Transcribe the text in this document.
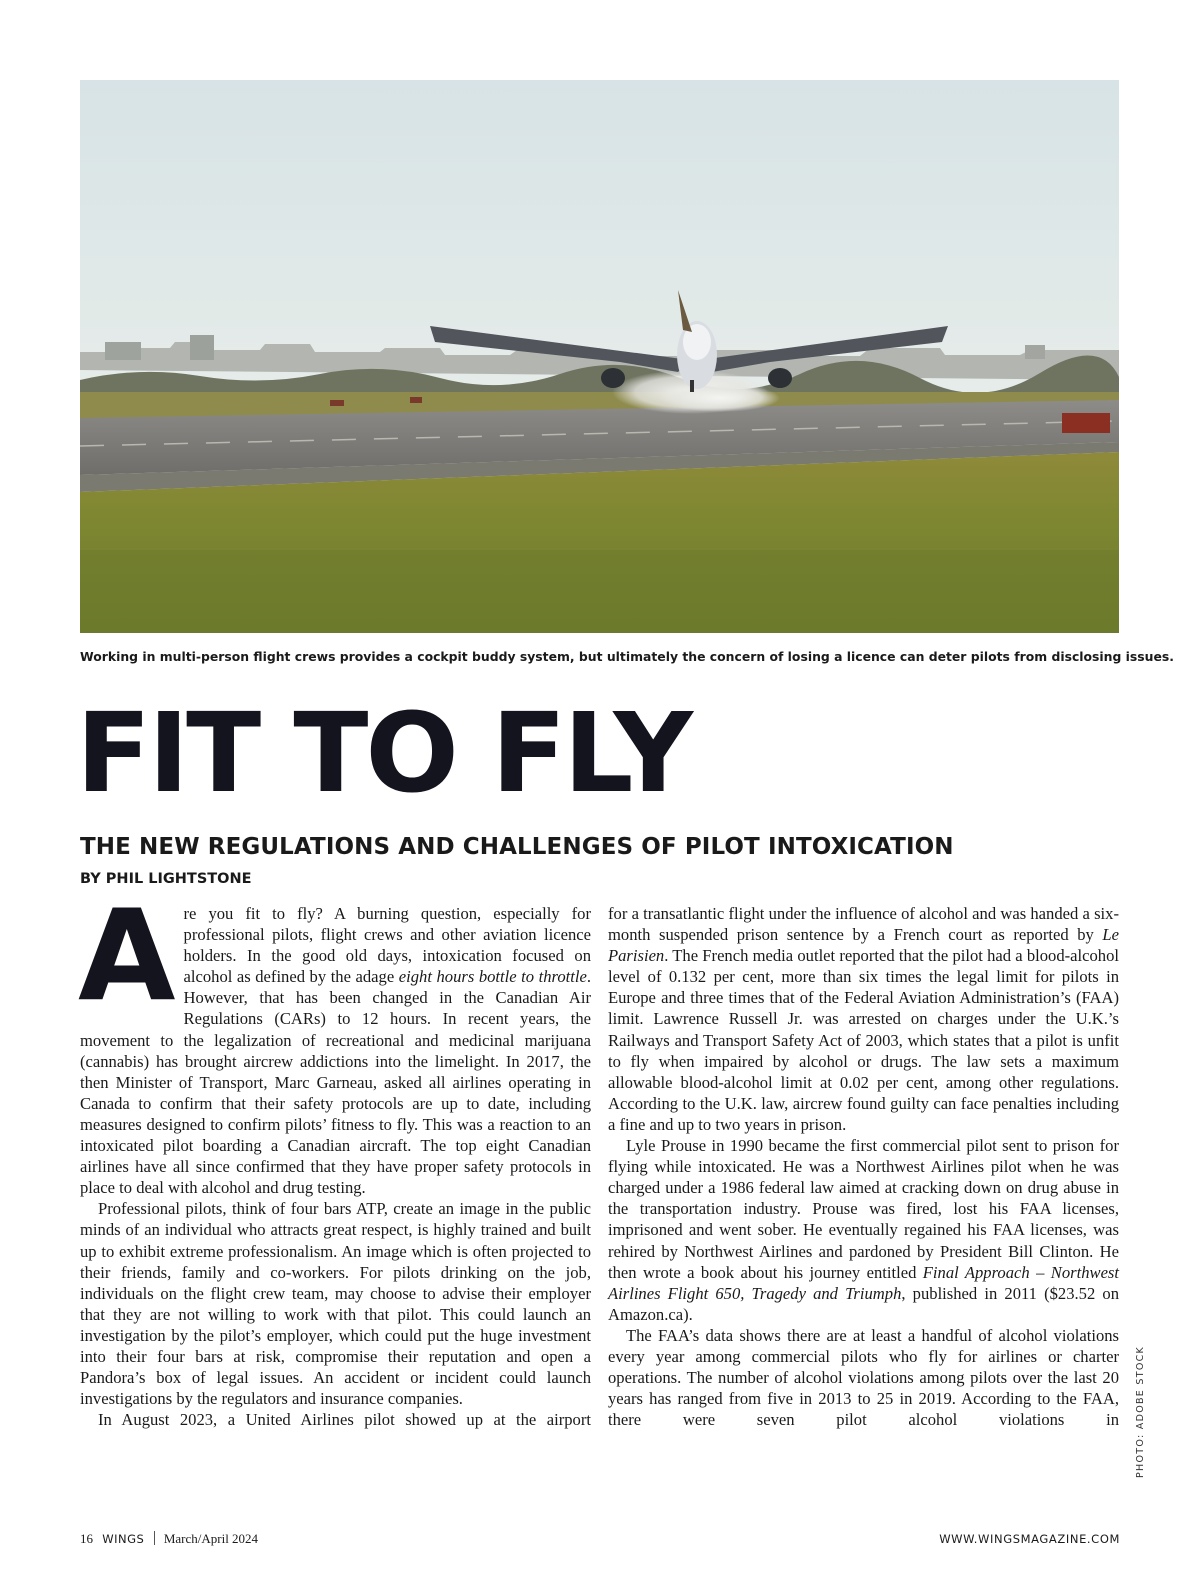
Working in multi-person flight crews provides a cockpit buddy system, but ultimately the concern of losing a licence can deter pilots from disclosing issues.
FIT TO FLY
THE NEW REGULATIONS AND CHALLENGES OF PILOT INTOXICATION
BY PHIL LIGHTSTONE

Are you fit to fly? A burning question, especially for professional pilots, flight crews and other aviation licence holders. In the good old days, intoxication focused on alcohol as defined by the adage eight hours bottle to throttle. However, that has been changed in the Canadian Air Regulations (CARs) to 12 hours. In recent years, the movement to the legalization of recreational and medicinal marijuana (cannabis) has brought aircrew addictions into the limelight. In 2017, the then Minister of Transport, Marc Garneau, asked all airlines operating in Canada to confirm that their safety protocols are up to date, including measures designed to confirm pilots’ fitness to fly. This was a reaction to an intoxicated pilot boarding a Canadian aircraft. The top eight Canadian airlines have all since confirmed that they have proper safety protocols in place to deal with alcohol and drug testing.

Professional pilots, think of four bars ATP, create an image in the public minds of an individual who attracts great respect, is highly trained and built up to exhibit extreme professionalism. An image which is often projected to their friends, family and co-workers. For pilots drinking on the job, individuals on the flight crew team, may choose to advise their employer that they are not willing to work with that pilot. This could launch an investigation by the pilot’s employer, which could put the huge investment into their four bars at risk, compromise their reputation and open a Pandora’s box of legal issues. An accident or incident could launch investigations by the regulators and insurance companies.

In August 2023, a United Airlines pilot showed up at the airport

for a transatlantic flight under the influence of alcohol and was handed a six-month suspended prison sentence by a French court as reported by Le Parisien. The French media outlet reported that the pilot had a blood-alcohol level of 0.132 per cent, more than six times the legal limit for pilots in Europe and three times that of the Federal Aviation Administration’s (FAA) limit. Lawrence Russell Jr. was arrested on charges under the U.K.’s Railways and Transport Safety Act of 2003, which states that a pilot is unfit to fly when impaired by alcohol or drugs. The law sets a maximum allowable blood-alcohol limit at 0.02 per cent, among other regulations. According to the U.K. law, aircrew found guilty can face penalties including a fine and up to two years in prison.

Lyle Prouse in 1990 became the first commercial pilot sent to prison for flying while intoxicated. He was a Northwest Airlines pilot when he was charged under a 1986 federal law aimed at cracking down on drug abuse in the transportation industry. Prouse was fired, lost his FAA licenses, imprisoned and went sober. He eventually regained his FAA licenses, was rehired by Northwest Airlines and pardoned by President Bill Clinton. He then wrote a book about his journey entitled Final Approach – Northwest Airlines Flight 650, Tragedy and Triumph, published in 2011 ($23.52 on Amazon.ca).

The FAA’s data shows there are at least a handful of alcohol violations every year among commercial pilots who fly for airlines or charter operations. The number of alcohol violations among pilots over the last 20 years has ranged from five in 2013 to 25 in 2019. According to the FAA, there were seven pilot alcohol violations in PHOTO: ADOBE STOCK
16 WINGS March/April 2024	WWW.WINGSMAGAZINE.COM
